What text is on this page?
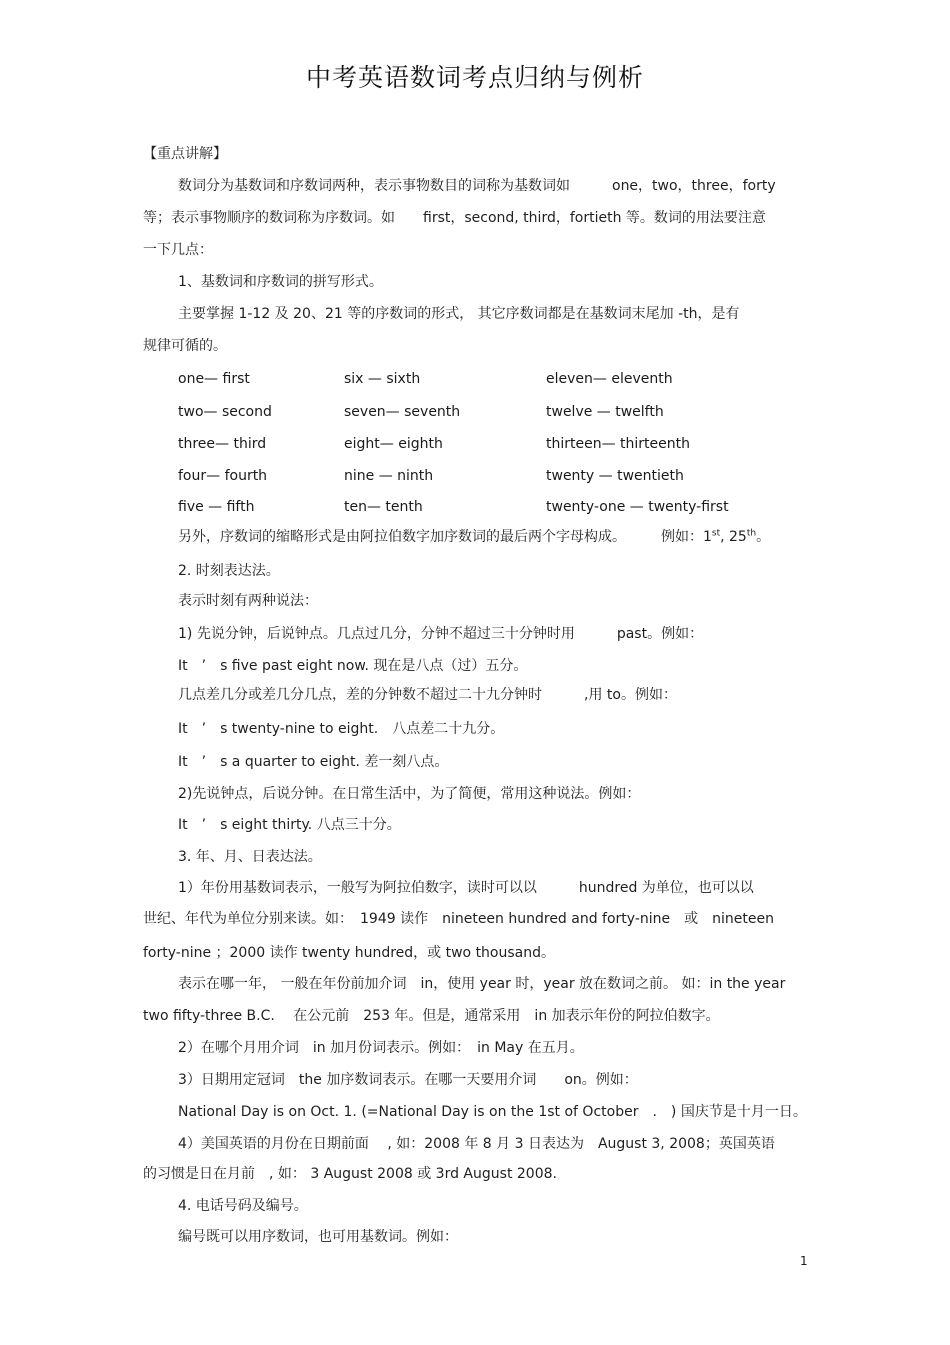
中考英语数词考点归纳与例析
【重点讲解】
数词分为基数词和序数词两种，表示事物数目的词称为基数词如　　　one，two，three，forty
等；表示事物顺序的数词称为序数词。如　　first，second, third，fortieth 等。数词的用法要注意
一下几点：
1、基数词和序数词的拼写形式。
主要掌握 1-12 及 20、21 等的序数词的形式， 其它序数词都是在基数词末尾加 -th，是有
规律可循的。
one— first	six — sixth	eleven— eleventh
two— second	seven— seventh	twelve — twelfth
three— third	eight— eighth	thirteen— thirteenth
four— fourth	nine — ninth	twenty — twentieth
five — fifth	ten— tenth	twenty-one — twenty-first
另外，序数词的缩略形式是由阿拉伯数字加序数词的最后两个字母构成。　　　例如：1st, 25th。
2. 时刻表达法。
表示时刻有两种说法：
1) 先说分钟，后说钟点。几点过几分，分钟不超过三十分钟时用　　　past。例如：
It　’　s five past eight now. 现在是八点（过）五分。
几点差几分或差几分几点，差的分钟数不超过二十九分钟时　　　,用 to。例如：
It　’　s twenty-nine to eight.　八点差二十九分。
It　’　s a quarter to eight. 差一刻八点。
2)先说钟点，后说分钟。在日常生活中，为了简便，常用这种说法。例如：
It　’　s eight thirty. 八点三十分。
3. 年、月、日表达法。
1）年份用基数词表示，一般写为阿拉伯数字，读时可以以　　　hundred 为单位，也可以以
世纪、年代为单位分别来读。如：　1949 读作　nineteen hundred and forty-nine　或　nineteen
forty-nine ；2000 读作 twenty hundred，或 two thousand。
表示在哪一年， 一般在年份前加介词　in，使用 year 时，year 放在数词之前。 如：in the year
two fifty-three B.C.　 在公元前　253 年。但是，通常采用　in 加表示年份的阿拉伯数字。
2）在哪个月用介词　in 加月份词表示。例如：　in May 在五月。
3）日期用定冠词　the 加序数词表示。在哪一天要用介词　　on。例如：
National Day is on Oct. 1. (=National Day is on the 1st of October　.　) 国庆节是十月一日。
4）美国英语的月份在日期前面　 , 如：2008 年 8 月 3 日表达为　August 3, 2008；英国英语
的习惯是日在月前　, 如： 3 August 2008 或 3rd August 2008.
4. 电话号码及编号。
编号既可以用序数词，也可用基数词。例如：
1
